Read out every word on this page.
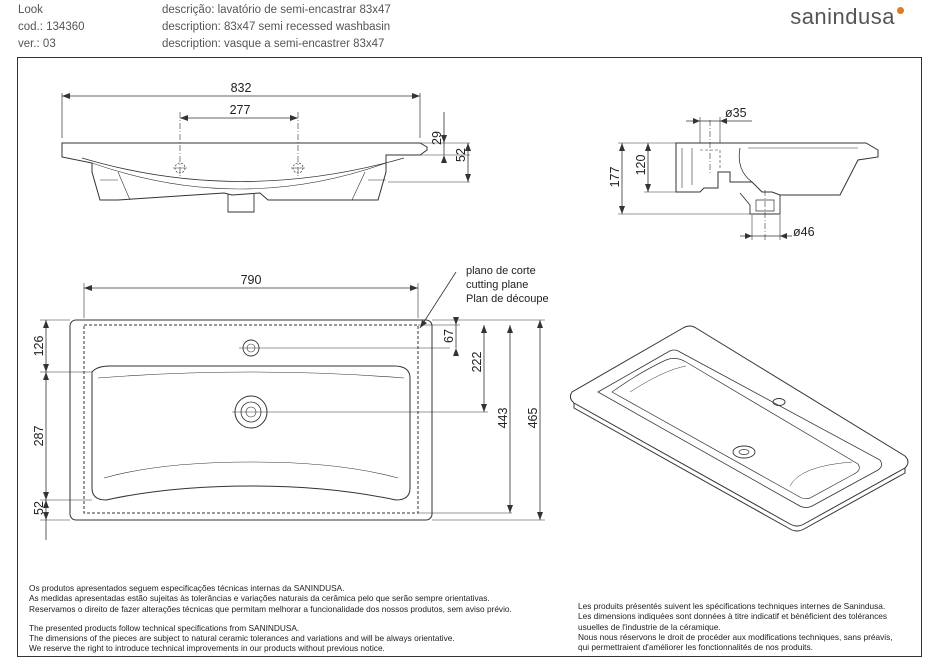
Look
cod.: 134360
ver.: 03
descrição: lavatório de semi-encastrar 83x47
description: 83x47 semi recessed washbasin
description: vasque a semi-encastrer 83x47
sanindusa
832
277
29
52
ø35
ø46
177
120
790
plano de corte
cutting plane
Plan de découpe
126
287
52
67
222
443 465
Os produtos apresentados seguem especificações técnicas internas da SANINDUSA.
As medidas apresentadas estão sujeitas às tolerâncias e variações naturais da cerâmica pelo que serão sempre orientativas.
Reservamos o direito de fazer alterações técnicas que permitam melhorar a funcionalidade dos nossos produtos, sem aviso prévio.
The presented products follow technical specifications from SANINDUSA.
The dimensions of the pieces are subject to natural ceramic tolerances and variations and will be always orientative.
We reserve the right to introduce technical improvements in our products without previous notice.
Les produits présentés suivent les spécifications techniques internes de Sanindusa.
Les dimensions indiquées sont données à titre indicatif et bénéficient des tolérances
usuelles de l'industrie de la céramique.
Nous nous réservons le droit de procéder aux modifications techniques, sans préavis,
qui permettraient d'améliorer les fonctionnalités de nos produits.
